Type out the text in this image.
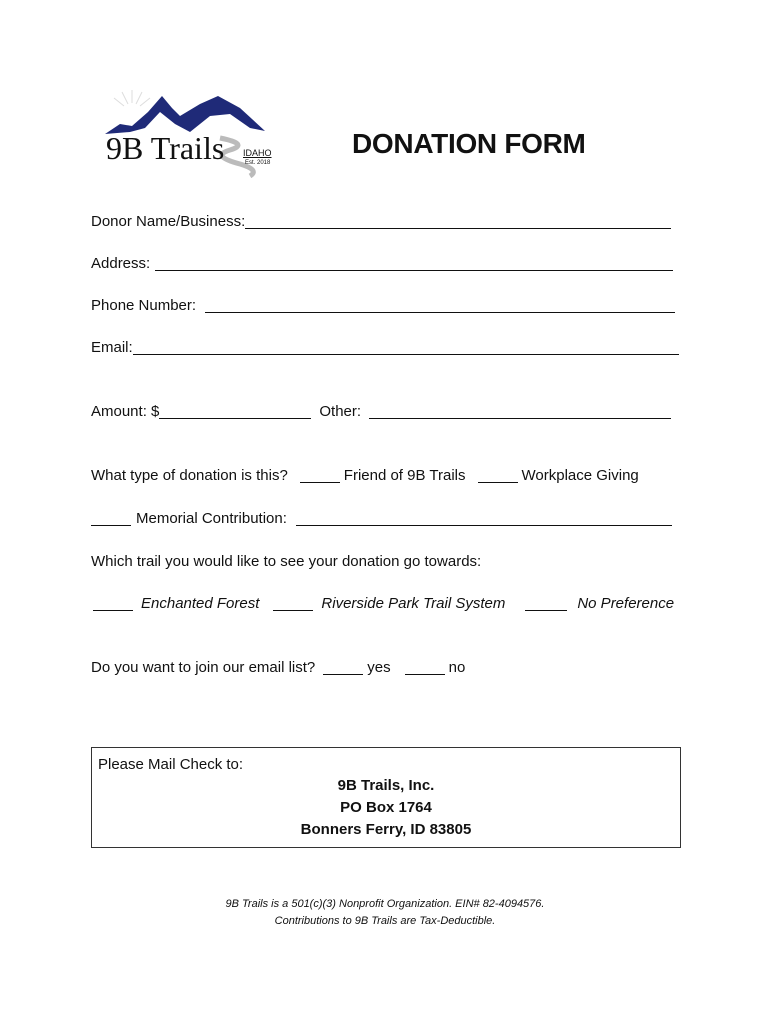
9B Trails IDAHO
Est. 2018
DONATION FORM
Donor Name/Business:
Address:
Phone Number:
Email:
Amount: $	Other:
What type of donation is this?	Friend of 9B Trails	Workplace Giving
Memorial Contribution:
Which trail you would like to see your donation go towards:
Enchanted Forest	Riverside Park Trail System	No Preference
Do you want to join our email list?	yes	no
Please Mail Check to:
9B Trails, Inc.
PO Box 1764
Bonners Ferry, ID 83805
9B Trails is a 501(c)(3) Nonprofit Organization. EIN# 82-4094576.
Contributions to 9B Trails are Tax-Deductible.
